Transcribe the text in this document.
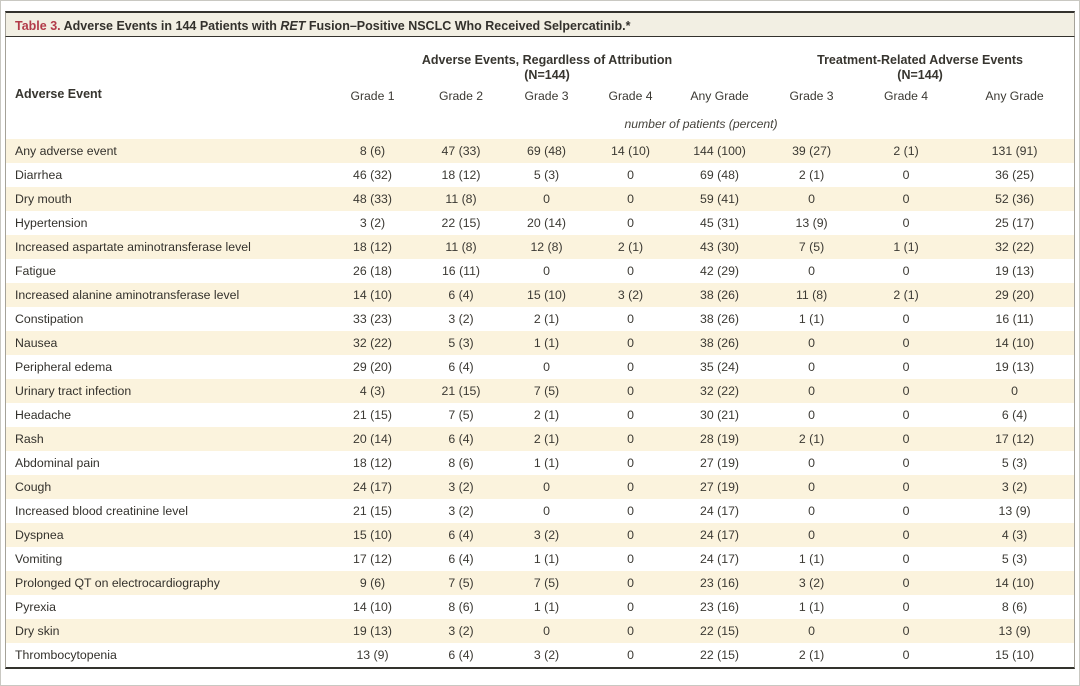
Table 3. Adverse Events in 144 Patients with RET Fusion–Positive NSCLC Who Received Selpercatinib.*
Adverse Event	Adverse Events, Regardless of Attribution
(N=144)					Treatment-Related Adverse Events
(N=144)		
	Grade 1	Grade 2	Grade 3	Grade 4	Any Grade	Grade 3	Grade 4	Any Grade
	number of patients (percent)							
Any adverse event	8 (6)	47 (33)	69 (48)	14 (10)	144 (100)	39 (27)	2 (1)	131 (91)
Diarrhea	46 (32)	18 (12)	5 (3)	0	69 (48)	2 (1)	0	36 (25)
Dry mouth	48 (33)	11 (8)	0	0	59 (41)	0	0	52 (36)
Hypertension	3 (2)	22 (15)	20 (14)	0	45 (31)	13 (9)	0	25 (17)
Increased aspartate aminotransferase level	18 (12)	11 (8)	12 (8)	2 (1)	43 (30)	7 (5)	1 (1)	32 (22)
Fatigue	26 (18)	16 (11)	0	0	42 (29)	0	0	19 (13)
Increased alanine aminotransferase level	14 (10)	6 (4)	15 (10)	3 (2)	38 (26)	11 (8)	2 (1)	29 (20)
Constipation	33 (23)	3 (2)	2 (1)	0	38 (26)	1 (1)	0	16 (11)
Nausea	32 (22)	5 (3)	1 (1)	0	38 (26)	0	0	14 (10)
Peripheral edema	29 (20)	6 (4)	0	0	35 (24)	0	0	19 (13)
Urinary tract infection	4 (3)	21 (15)	7 (5)	0	32 (22)	0	0	0
Headache	21 (15)	7 (5)	2 (1)	0	30 (21)	0	0	6 (4)
Rash	20 (14)	6 (4)	2 (1)	0	28 (19)	2 (1)	0	17 (12)
Abdominal pain	18 (12)	8 (6)	1 (1)	0	27 (19)	0	0	5 (3)
Cough	24 (17)	3 (2)	0	0	27 (19)	0	0	3 (2)
Increased blood creatinine level	21 (15)	3 (2)	0	0	24 (17)	0	0	13 (9)
Dyspnea	15 (10)	6 (4)	3 (2)	0	24 (17)	0	0	4 (3)
Vomiting	17 (12)	6 (4)	1 (1)	0	24 (17)	1 (1)	0	5 (3)
Prolonged QT on electrocardiography	9 (6)	7 (5)	7 (5)	0	23 (16)	3 (2)	0	14 (10)
Pyrexia	14 (10)	8 (6)	1 (1)	0	23 (16)	1 (1)	0	8 (6)
Dry skin	19 (13)	3 (2)	0	0	22 (15)	0	0	13 (9)
Thrombocytopenia	13 (9)	6 (4)	3 (2)	0	22 (15)	2 (1)	0	15 (10)
